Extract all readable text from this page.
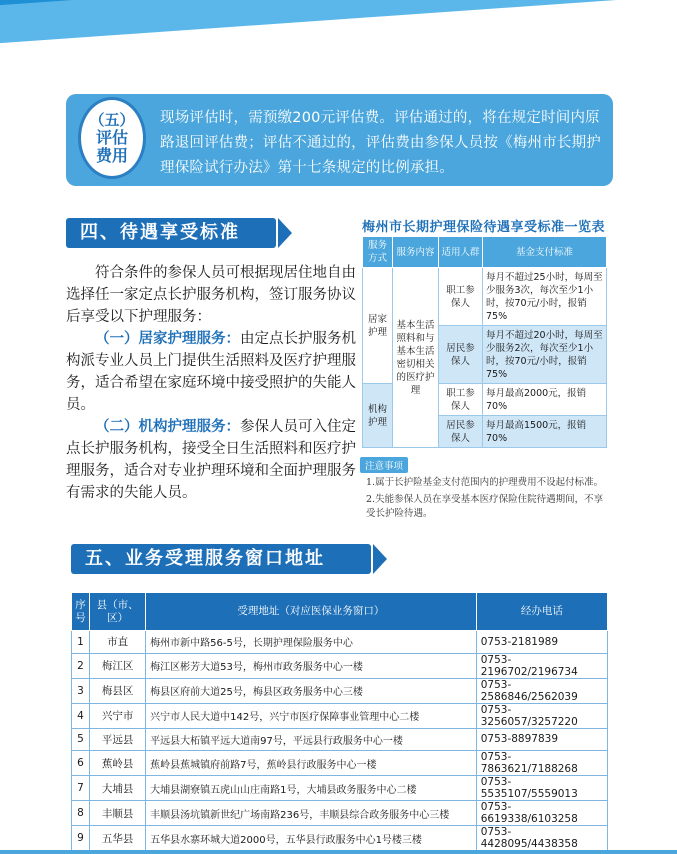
（五）
评估
费用
现场评估时，需预缴200元评估费。评估通过的，将在规定时间内原路退回评估费；评估不通过的，评估费由参保人员按《梅州市长期护理保险试行办法》第十七条规定的比例承担。
四、待遇享受标准

符合条件的参保人员可根据现居住地自由选择任一家定点长护服务机构，签订服务协议后享受以下护理服务：

（一）居家护理服务：由定点长护服务机构派专业人员上门提供生活照料及医疗护理服务，适合希望在家庭环境中接受照护的失能人员。

（二）机构护理服务：参保人员可入住定点长护服务机构，接受全日生活照料和医疗护理服务，适合对专业护理环境和全面护理服务有需求的失能人员。

梅州市长期护理保险待遇享受标准一览表
服务方式	服务内容	适用人群	基金支付标准
居家护理	基本生活照料和与基本生活密切相关的医疗护理	职工参保人	每月不超过25小时，每周至少服务3次，每次至少1小时，按70元/小时，报销75%
		居民参保人	每月不超过20小时，每周至少服务2次，每次至少1小时，按70元/小时，报销75%
机构护理		职工参保人	每月最高2000元，报销70%
		居民参保人	每月最高1500元，报销70%
注意事项
1.属于长护险基金支付范围内的护理费用不设起付标准。
2.失能参保人员在享受基本医疗保险住院待遇期间，不享受长护险待遇。
五、业务受理服务窗口地址
序号	县（市、区）	受理地址（对应医保业务窗口）	经办电话
1	市直	梅州市新中路56-5号，长期护理保险服务中心	0753-2181989
2	梅江区	梅江区彬芳大道53号，梅州市政务服务中心一楼	0753-2196702/2196734
3	梅县区	梅县区府前大道25号，梅县区政务服务中心三楼	0753-2586846/2562039
4	兴宁市	兴宁市人民大道中142号，兴宁市医疗保障事业管理中心二楼	0753-3256057/3257220
5	平远县	平远县大柘镇平远大道南97号，平远县行政服务中心一楼	0753-8897839
6	蕉岭县	蕉岭县蕉城镇府前路7号，蕉岭县行政服务中心一楼	0753-7863621/7188268
7	大埔县	大埔县湖寮镇五虎山山庄南路1号，大埔县政务服务中心二楼	0753-5535107/5559013
8	丰顺县	丰顺县汤坑镇新世纪广场南路236号，丰顺县综合政务服务中心三楼	0753-6619338/6103258
9	五华县	五华县水寨环城大道2000号，五华县行政服务中心1号楼三楼	0753-4428095/4438358
